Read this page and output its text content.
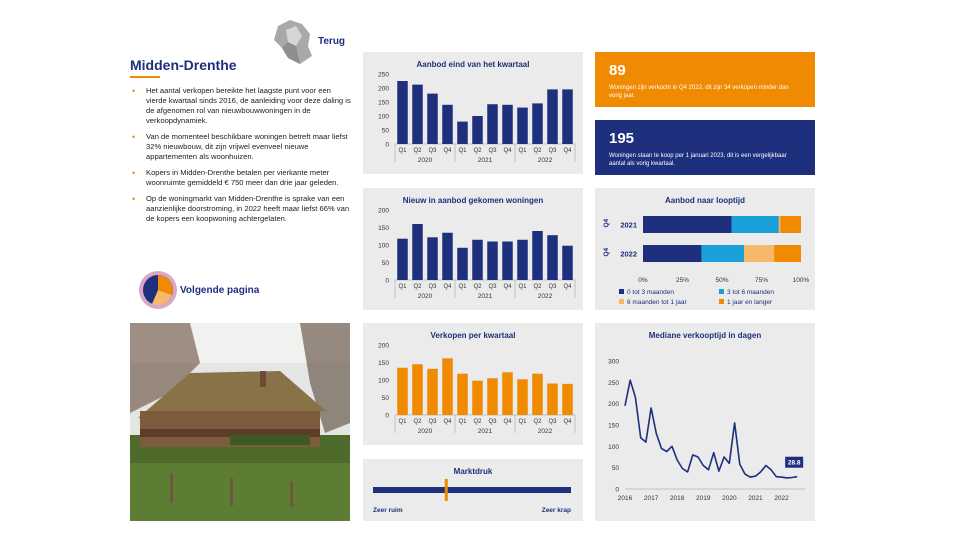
Terug
Midden-Drenthe
• Het aantal verkopen bereikte het laagste punt voor een vierde kwartaal sinds 2016, de aanleiding voor deze daling is de afgenomen rol van nieuwbouwwoningen in de verkoopdynamiek.
• Van de momenteel beschikbare woningen betreft maar liefst 32% nieuwbouw, dit zijn vrijwel evenveel nieuwe appartementen als woonhuizen.
• Kopers in Midden-Drenthe betalen per vierkante meter woonruimte gemiddeld € 750 meer dan drie jaar geleden.
• Op de woningmarkt van Midden-Drenthe is sprake van een aanzienlijke doorstroming, in 2022 heeft maar liefst 66% van de kopers een koopwoning achtergelaten.
Volgende pagina
Aanbod eind van het kwartaal
0
50
100
150
200
250
Q1 Q2 Q3 Q4 Q1 Q2 Q3 Q4 Q1 Q2 Q3 Q4
2020	2021	2022
Nieuw in aanbod gekomen woningen
0
50
100
150
200
Q1 Q2 Q3 Q4 Q1 Q2 Q3 Q4 Q1 Q2 Q3 Q4
2020	2021	2022
Verkopen per kwartaal
0
50
100
150
200
Q1 Q2 Q3 Q4 Q1 Q2 Q3 Q4 Q1 Q2 Q3 Q4
2020	2021	2022
Marktdruk
Zeer ruim	Zeer krap
89
Woningen zijn verkocht in Q4 2022, dit zijn 34 verkopen minder dan vorig jaar.
195
Woningen staan te koop per 1 januari 2023, dit is een vergelijkbaar aantal als vorig kwartaal.
Aanbod naar looptijd
Q4 2021
Q4 2022
0%	25%	50%	75%	100%
0 tot 3 maanden	3 tot 6 maanden
6 maanden tot 1 jaar	1 jaar en langer
Mediane verkooptijd in dagen
0
50
100
150
200
250
300
2016 2017 2018 2019 2020 2021 2022
28.8
